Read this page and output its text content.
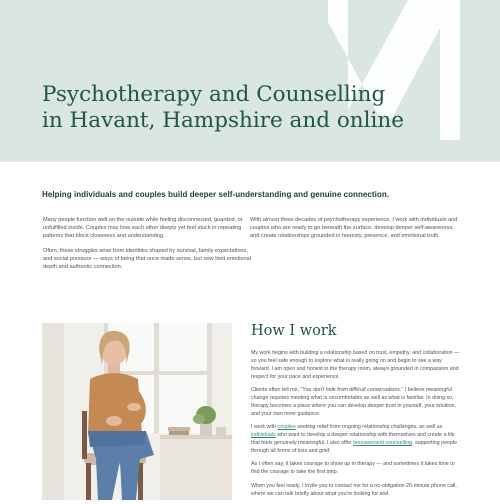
Psychotherapy and Counselling
in Havant, Hampshire and online

Helping individuals and couples build deeper self-understanding and genuine connection.

Many people function well on the outside while feeling disconnected, guarded, or unfulfilled inside. Couples may love each other deeply yet feel stuck in repeating patterns that block closeness and understanding.

Often, these struggles arise from identities shaped by survival, family expectations, and social pressure — ways of being that once made sense, but now limit emotional depth and authentic connection.

With almost three decades of psychotherapy experience, I work with individuals and couples who are ready to go beneath the surface, develop deeper self-awareness, and create relationships grounded in honesty, presence, and emotional truth.

How I work

My work begins with building a relationship based on trust, empathy, and collaboration — so you feel safe enough to explore what is really going on and begin to see a way forward. I am open and honest in the therapy room, always grounded in compassion and respect for your pace and experience.

Clients often tell me, "You don't hide from difficult conversations." I believe meaningful change requires meeting what is uncomfortable as well as what is familiar. In doing so, therapy becomes a place where you can develop deeper trust in yourself, your intuition, and your own inner guidance.

I work with couples seeking relief from ongoing relationship challenges, as well as individuals who want to develop a deeper relationship with themselves and create a life that feels genuinely meaningful. I also offer bereavement counselling, supporting people through all forms of loss and grief.

As I often say, it takes courage to show up in therapy — and sometimes it takes time to find the courage to take the first step.

When you feel ready, I invite you to contact me for a no-obligation 20-minute phone call, where we can talk briefly about what you're looking for and
